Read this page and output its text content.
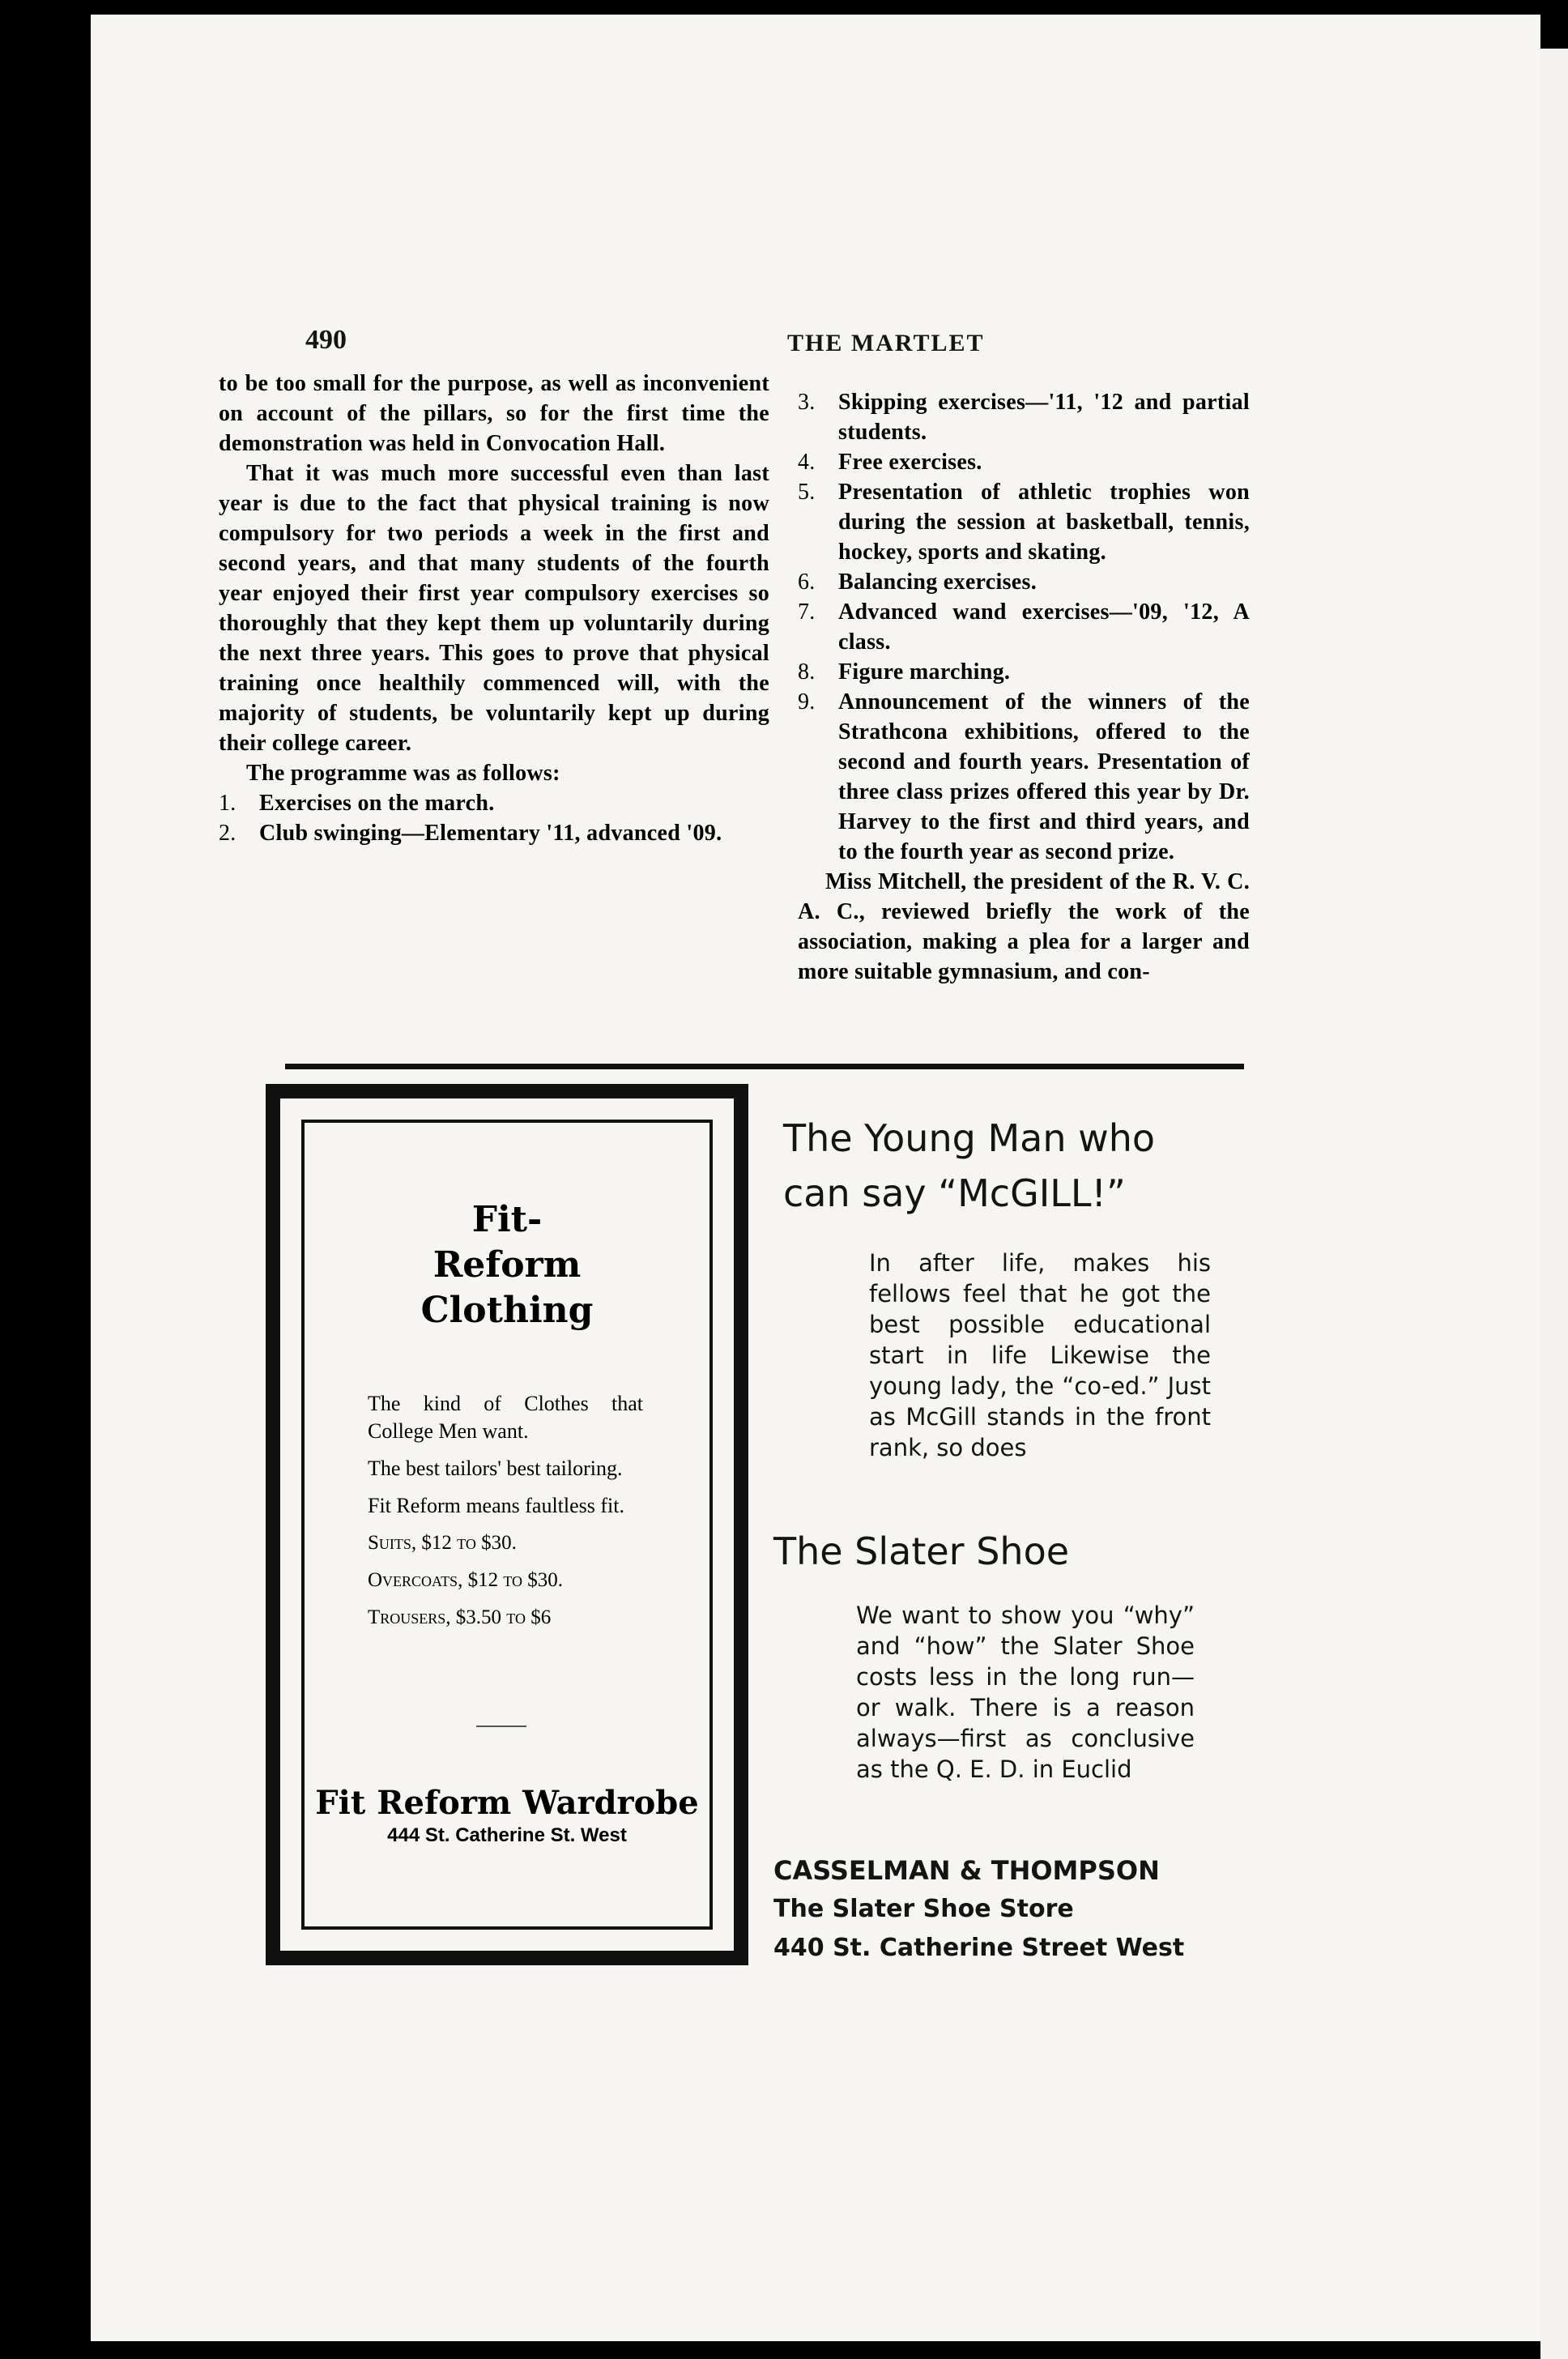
490	THE MARTLET

to be too small for the purpose, as well as inconvenient on account of the pillars, so for the first time the demonstration was held in Convocation Hall.

That it was much more successful even than last year is due to the fact that physical training is now compulsory for two periods a week in the first and second years, and that many students of the fourth year enjoyed their first year compulsory exercises so thoroughly that they kept them up voluntarily during the next three years. This goes to prove that physical training once healthily commenced will, with the majority of students, be voluntarily kept up during their college career.

The programme was as follows:

1. Exercises on the march.
2. Club swinging—Elementary '11, advanced '09.
3. Skipping exercises—'11, '12 and partial students.
4. Free exercises.
5. Presentation of athletic trophies won during the session at basketball, tennis, hockey, sports and skating.
6. Balancing exercises.
7. Advanced wand exercises—'09, '12, A class.
8. Figure marching.
9. Announcement of the winners of the Strathcona exhibitions, offered to the second and fourth years. Presentation of three class prizes offered this year by Dr. Harvey to the first and third years, and to the fourth year as second prize.

Miss Mitchell, the president of the R. V. C. A. C., reviewed briefly the work of the association, making a plea for a larger and more suitable gymnasium, and con-

Fit-
Reform
Clothing

The kind of Clothes that College Men want.

The best tailors' best tailoring.

Fit Reform means faultless fit.

Suits, $12 to $30.

Overcoats, $12 to $30.

Trousers, $3.50 to $6

Fit Reform Wardrobe
444 St. Catherine St. West
The Young Man who
can say “McGILL!”
In after life, makes his fellows feel that he got the best possible educational start in life Likewise the young lady, the “co-ed.” Just as McGill stands in the front rank, so does
The Slater Shoe
We want to show you “why” and “how” the Slater Shoe costs less in the long run—or walk. There is a reason always—first as conclusive as the Q. E. D. in Euclid
CASSELMAN & THOMPSON
The Slater Shoe Store
440 St. Catherine Street West
